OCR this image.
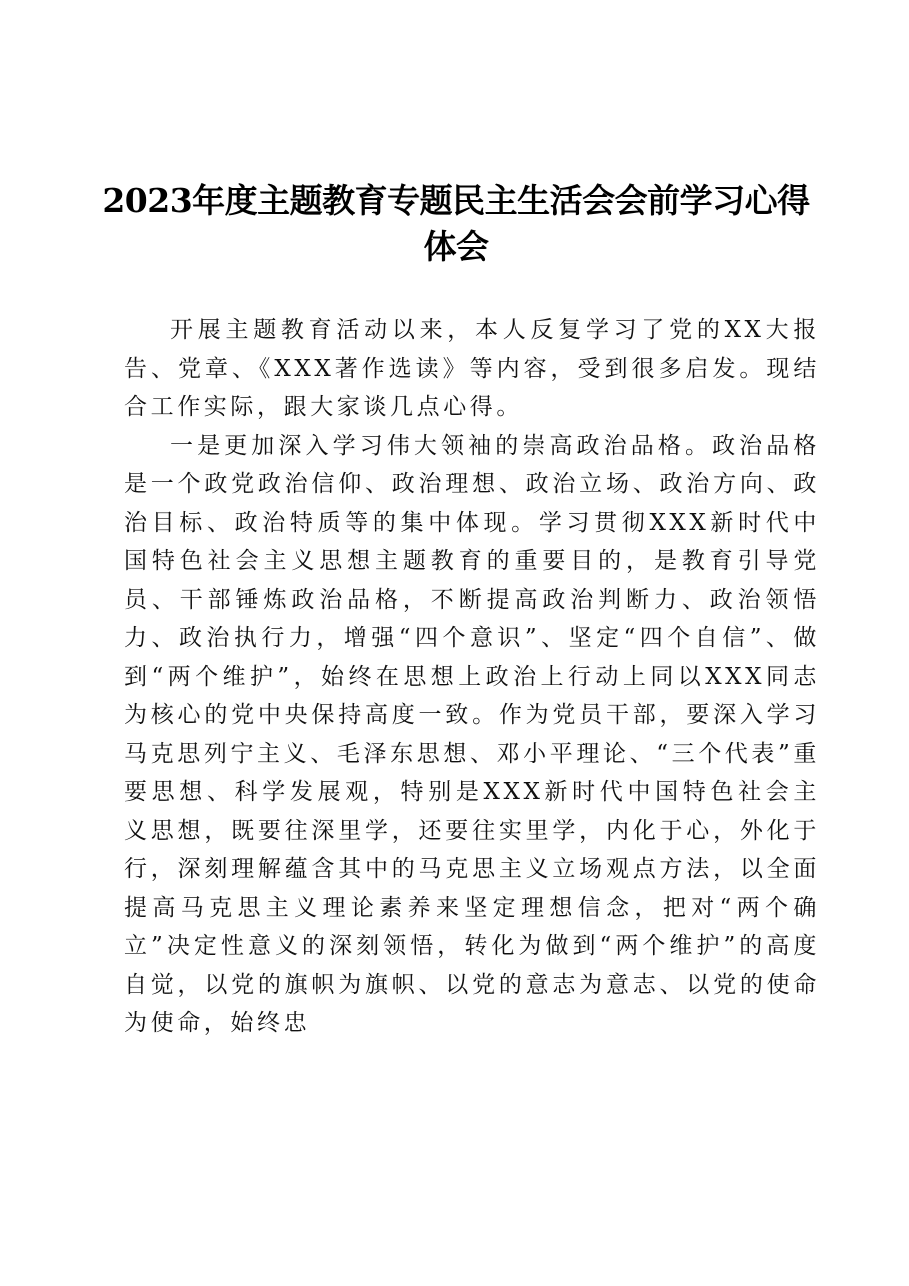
2023年度主题教育专题民主生活会会前学习心得体会

开展主题教育活动以来，本人反复学习了党的XX大报告、党章、《XXX著作选读》等内容，受到很多启发。现结合工作实际，跟大家谈几点心得。

一是更加深入学习伟大领袖的崇高政治品格。政治品格是一个政党政治信仰、政治理想、政治立场、政治方向、政治目标、政治特质等的集中体现。学习贯彻XXX新时代中国特色社会主义思想主题教育的重要目的，是教育引导党员、干部锤炼政治品格，不断提高政治判断力、政治领悟力、政治执行力，增强“四个意识”、坚定“四个自信”、做到“两个维护”，始终在思想上政治上行动上同以XXX同志为核心的党中央保持高度一致。作为党员干部，要深入学习马克思列宁主义、毛泽东思想、邓小平理论、“三个代表”重要思想、科学发展观，特别是XXX新时代中国特色社会主义思想，既要往深里学，还要往实里学，内化于心，外化于行，深刻理解蕴含其中的马克思主义立场观点方法，以全面提高马克思主义理论素养来坚定理想信念，把对“两个确立”决定性意义的深刻领悟，转化为做到“两个维护”的高度自觉，以党的旗帜为旗帜、以党的意志为意志、以党的使命为使命，始终忠
